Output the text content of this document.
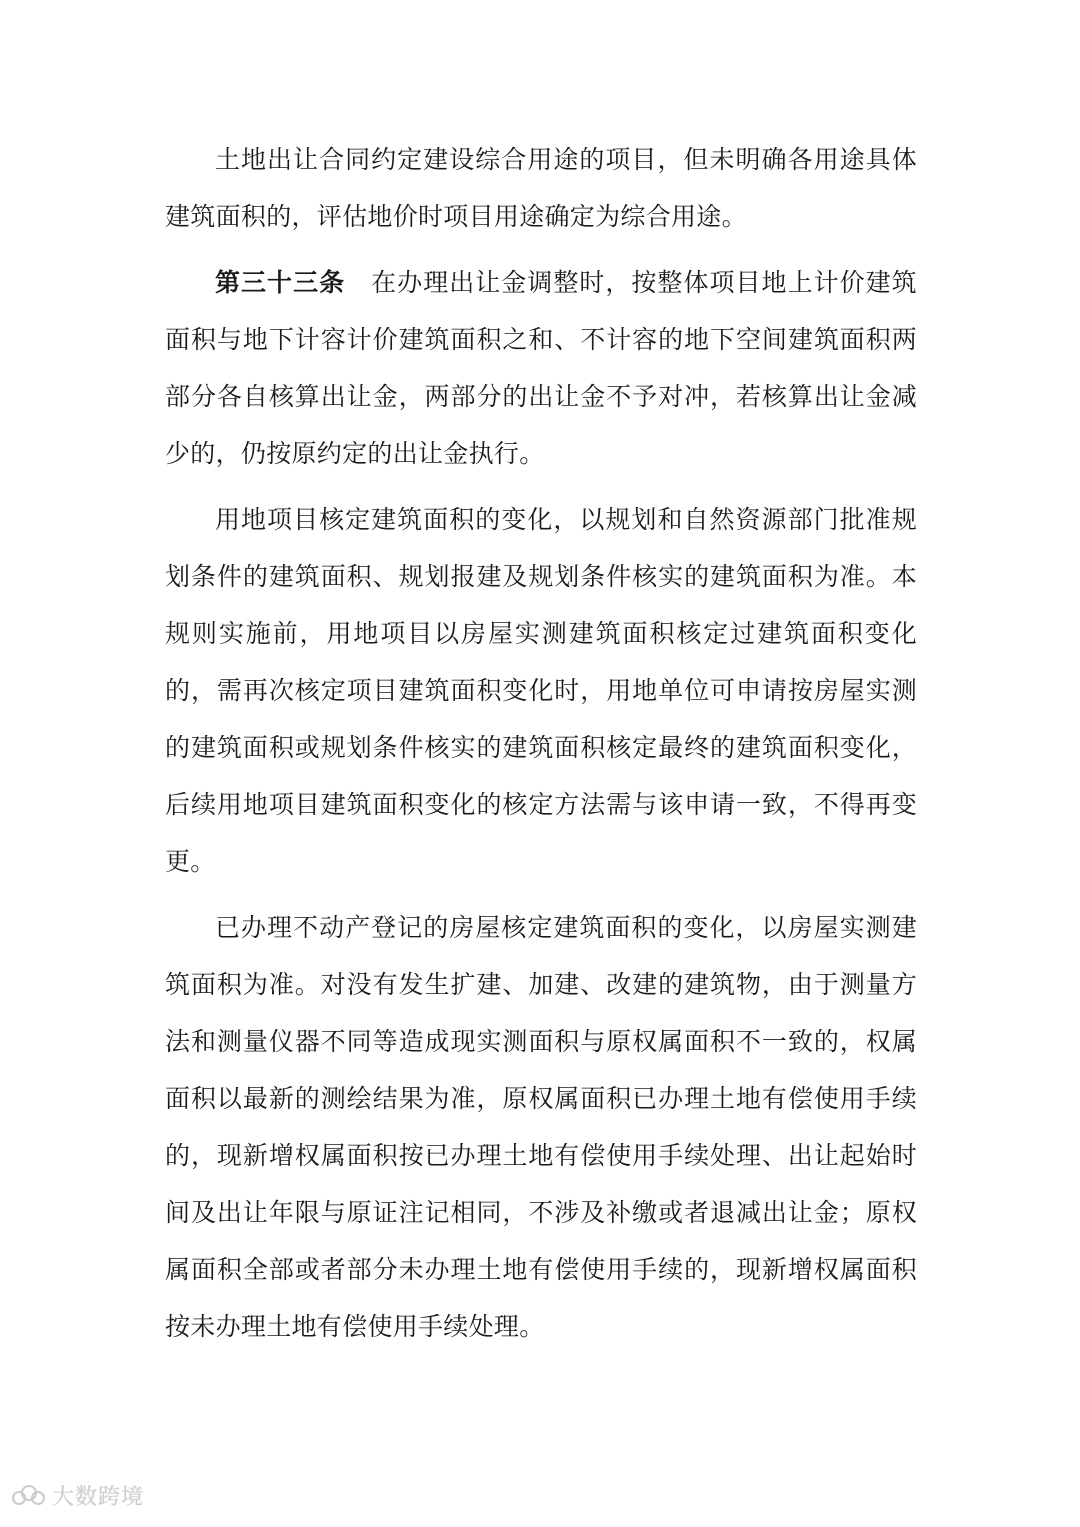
土地出让合同约定建设综合用途的项目，但未明确各用途具体建筑面积的，评估地价时项目用途确定为综合用途。

第三十三条 在办理出让金调整时，按整体项目地上计价建筑面积与地下计容计价建筑面积之和、不计容的地下空间建筑面积两部分各自核算出让金，两部分的出让金不予对冲，若核算出让金减少的，仍按原约定的出让金执行。

用地项目核定建筑面积的变化，以规划和自然资源部门批准规划条件的建筑面积、规划报建及规划条件核实的建筑面积为准。本规则实施前，用地项目以房屋实测建筑面积核定过建筑面积变化的，需再次核定项目建筑面积变化时，用地单位可申请按房屋实测的建筑面积或规划条件核实的建筑面积核定最终的建筑面积变化，后续用地项目建筑面积变化的核定方法需与该申请一致，不得再变更。

已办理不动产登记的房屋核定建筑面积的变化，以房屋实测建筑面积为准。对没有发生扩建、加建、改建的建筑物，由于测量方法和测量仪器不同等造成现实测面积与原权属面积不一致的，权属面积以最新的测绘结果为准，原权属面积已办理土地有偿使用手续的，现新增权属面积按已办理土地有偿使用手续处理、出让起始时间及出让年限与原证注记相同，不涉及补缴或者退减出让金；原权属面积全部或者部分未办理土地有偿使用手续的，现新增权属面积按未办理土地有偿使用手续处理。

大数跨境
